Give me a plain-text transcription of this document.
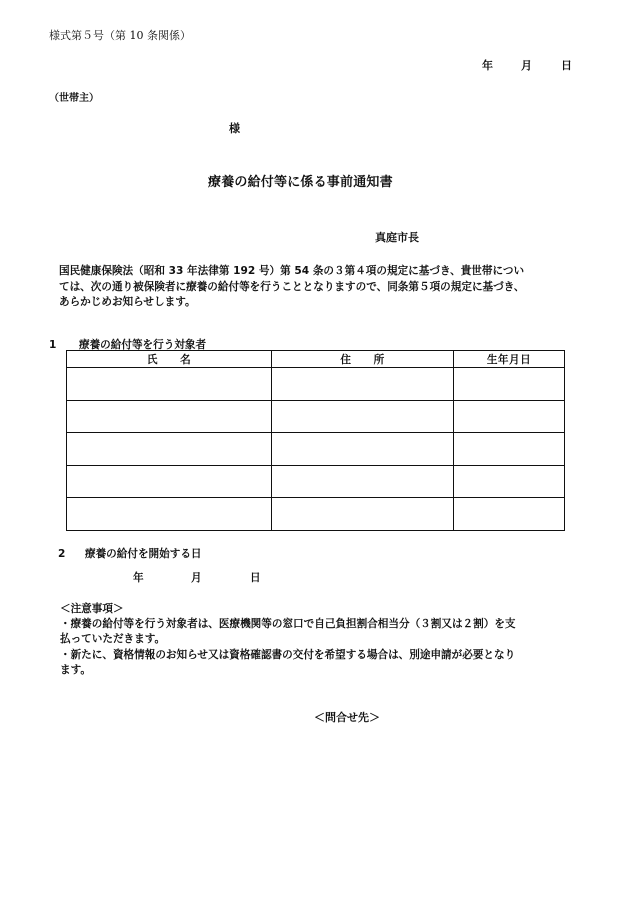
様式第５号（第 10 条関係）
年	月	日
（世帯主）
様
療養の給付等に係る事前通知書
真庭市長

国民健康保険法（昭和 33 年法律第 192 号）第 54 条の３第４項の規定に基づき、貴世帯につい

ては、次の通り被保険者に療養の給付等を行うこととなりますので、同条第５項の規定に基づき、

あらかじめお知らせします。

1 療養の給付等を行う対象者
氏　　名	住　　所	生年月日

2 療養の給付を開始する日
年	月	日

＜注意事項＞

・療養の給付等を行う対象者は、医療機関等の窓口で自己負担割合相当分（３割又は２割）を支

払っていただきます。

・新たに、資格情報のお知らせ又は資格確認書の交付を希望する場合は、別途申請が必要となり

ます。

＜問合せ先＞
